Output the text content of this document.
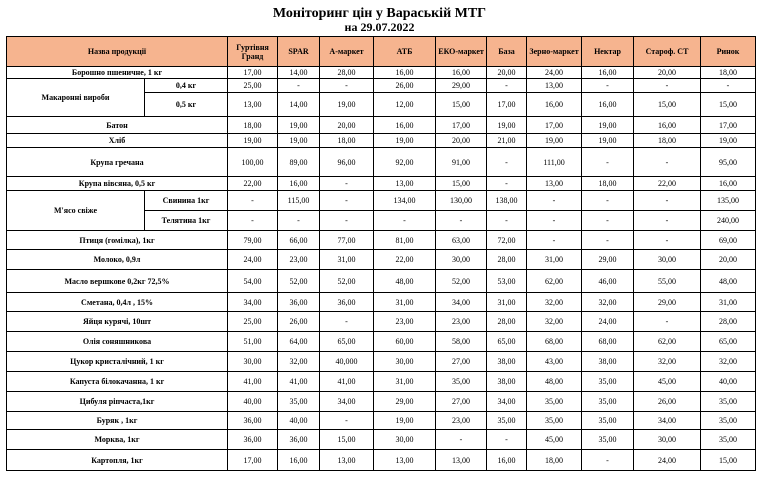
Моніторинг цін у Вараській МТГ
на 29.07.2022
Назва продукції		Гуртівня Гранд	SPAR	А-маркет	АТБ	ЕКО-маркет	База	Зерно-маркет	Нектар	Староф. СТ	Ринок
Борошно пшеничне, 1 кг		17,00	14,00	28,00	16,00	16,00	20,00	24,00	16,00	20,00	18,00
Макаронні вироби	0,4 кг	25,00	-	-	26,00	29,00	-	13,00	-	-	-
	0,5 кг	13,00	14,00	19,00	12,00	15,00	17,00	16,00	16,00	15,00	15,00
Батон		18,00	19,00	20,00	16,00	17,00	19,00	17,00	19,00	16,00	17,00
Хліб		19,00	19,00	18,00	19,00	20,00	21,00	19,00	19,00	18,00	19,00
Крупа гречана		100,00	89,00	96,00	92,00	91,00	-	111,00	-	-	95,00
Крупа вівсяна, 0,5 кг		22,00	16,00	-	13,00	15,00	-	13,00	18,00	22,00	16,00
М'ясо свіже	Свинина 1кг	-	115,00	-	134,00	130,00	138,00	-	-	-	135,00
	Телятина 1кг	-	-	-	-	-	-	-	-	-	240,00
Птиця (гомілка), 1кг		79,00	66,00	77,00	81,00	63,00	72,00	-	-	-	69,00
Молоко, 0,9л		24,00	23,00	31,00	22,00	30,00	28,00	31,00	29,00	30,00	20,00
Масло вершкове 0,2кг 72,5%		54,00	52,00	52,00	48,00	52,00	53,00	62,00	46,00	55,00	48,00
Сметана, 0,4л , 15%		34,00	36,00	36,00	31,00	34,00	31,00	32,00	32,00	29,00	31,00
Яйця курячі, 10шт		25,00	26,00	-	23,00	23,00	28,00	32,00	24,00	-	28,00
Олія соняшникова		51,00	64,00	65,00	60,00	58,00	65,00	68,00	68,00	62,00	65,00
Цукор кристалічний, 1 кг		30,00	32,00	40,000	30,00	27,00	38,00	43,00	38,00	32,00	32,00
Капуста білокачанна, 1 кг		41,00	41,00	41,00	31,00	35,00	38,00	48,00	35,00	45,00	40,00
Цибуля ріпчаста,1кг		40,00	35,00	34,00	29,00	27,00	34,00	35,00	35,00	26,00	35,00
Буряк , 1кг		36,00	40,00	-	19,00	23,00	35,00	35,00	35,00	34,00	35,00
Морква, 1кг		36,00	36,00	15,00	30,00	-	-	45,00	35,00	30,00	35,00
Картопля, 1кг		17,00	16,00	13,00	13,00	13,00	16,00	18,00	-	24,00	15,00
